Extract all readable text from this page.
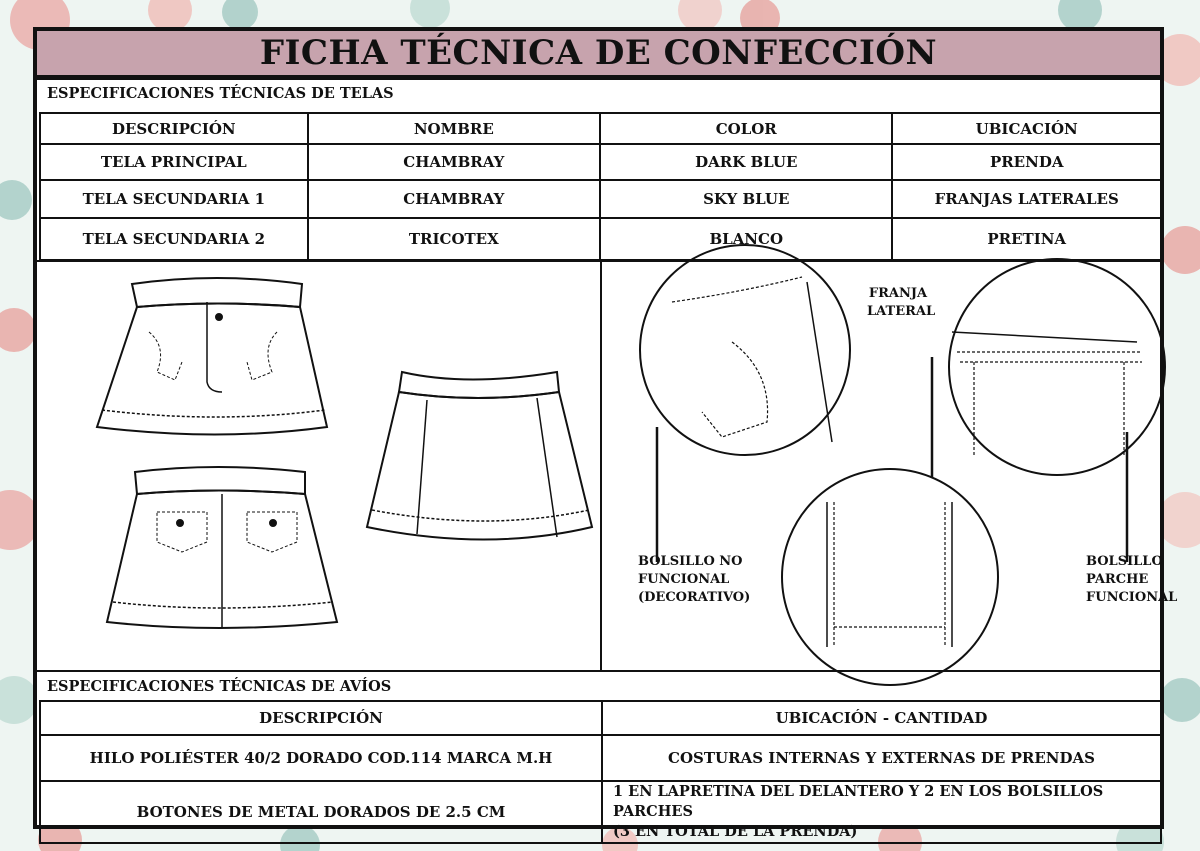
FICHA TÉCNICA DE CONFECCIÓN
ESPECIFICACIONES TÉCNICAS DE TELAS
DESCRIPCIÓN	NOMBRE	COLOR	UBICACIÓN
TELA PRINCIPAL	CHAMBRAY	DARK BLUE	PRENDA
TELA SECUNDARIA 1	CHAMBRAY	SKY BLUE	FRANJAS LATERALES
TELA SECUNDARIA 2	TRICOTEX	BLANCO	PRETINA
FRANJA
LATERAL
BOLSILLO NO
FUNCIONAL
(DECORATIVO)
BOLSILLO
PARCHE
FUNCIONAL
ESPECIFICACIONES TÉCNICAS DE AVÍOS
DESCRIPCIÓN	UBICACIÓN - CANTIDAD
HILO POLIÉSTER 40/2 DORADO COD.114 MARCA M.H	COSTURAS INTERNAS Y EXTERNAS DE PRENDAS
BOTONES DE METAL DORADOS DE 2.5 CM	1 EN LAPRETINA DEL DELANTERO Y 2 EN LOS BOLSILLOS PARCHES
(3 EN TOTAL DE LA PRENDA)
